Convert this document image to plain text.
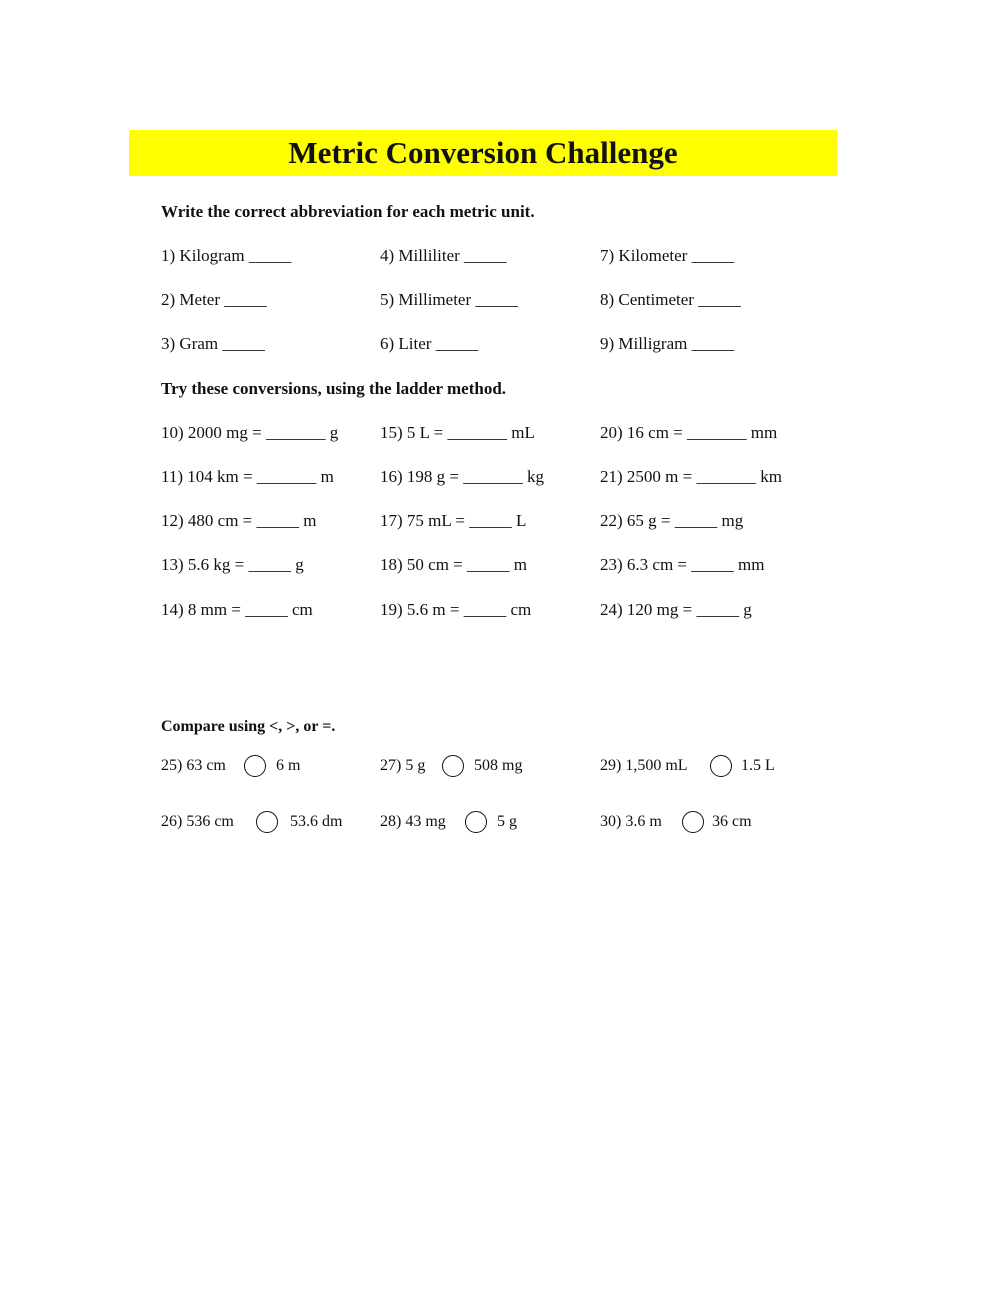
Metric Conversion Challenge

Write the correct abbreviation for each metric unit.

1) Kilogram _____
2) Meter _____
3) Gram _____
4) Milliliter _____
5) Millimeter _____
6) Liter _____
7) Kilometer _____
8) Centimeter _____
9) Milligram _____

Try these conversions, using the ladder method.

10) 2000 mg = _______ g
11) 104 km = _______ m
12) 480 cm = _____ m
13) 5.6 kg = _____ g
14) 8 mm = _____ cm
15) 5 L = _______ mL
16) 198 g = _______ kg
17) 75 mL = _____ L
18) 50 cm = _____ m
19) 5.6 m = _____ cm
20) 16 cm = _______ mm
21) 2500 m = _______ km
22) 65 g = _____ mg
23) 6.3 cm = _____ mm
24) 120 mg = _____ g

Compare using <, >, or =.

25) 63 cm	6 m
26) 536 cm	53.6 dm
27) 5 g	508 mg
28) 43 mg	5 g
29) 1,500 mL	1.5 L
30) 3.6 m	36 cm
